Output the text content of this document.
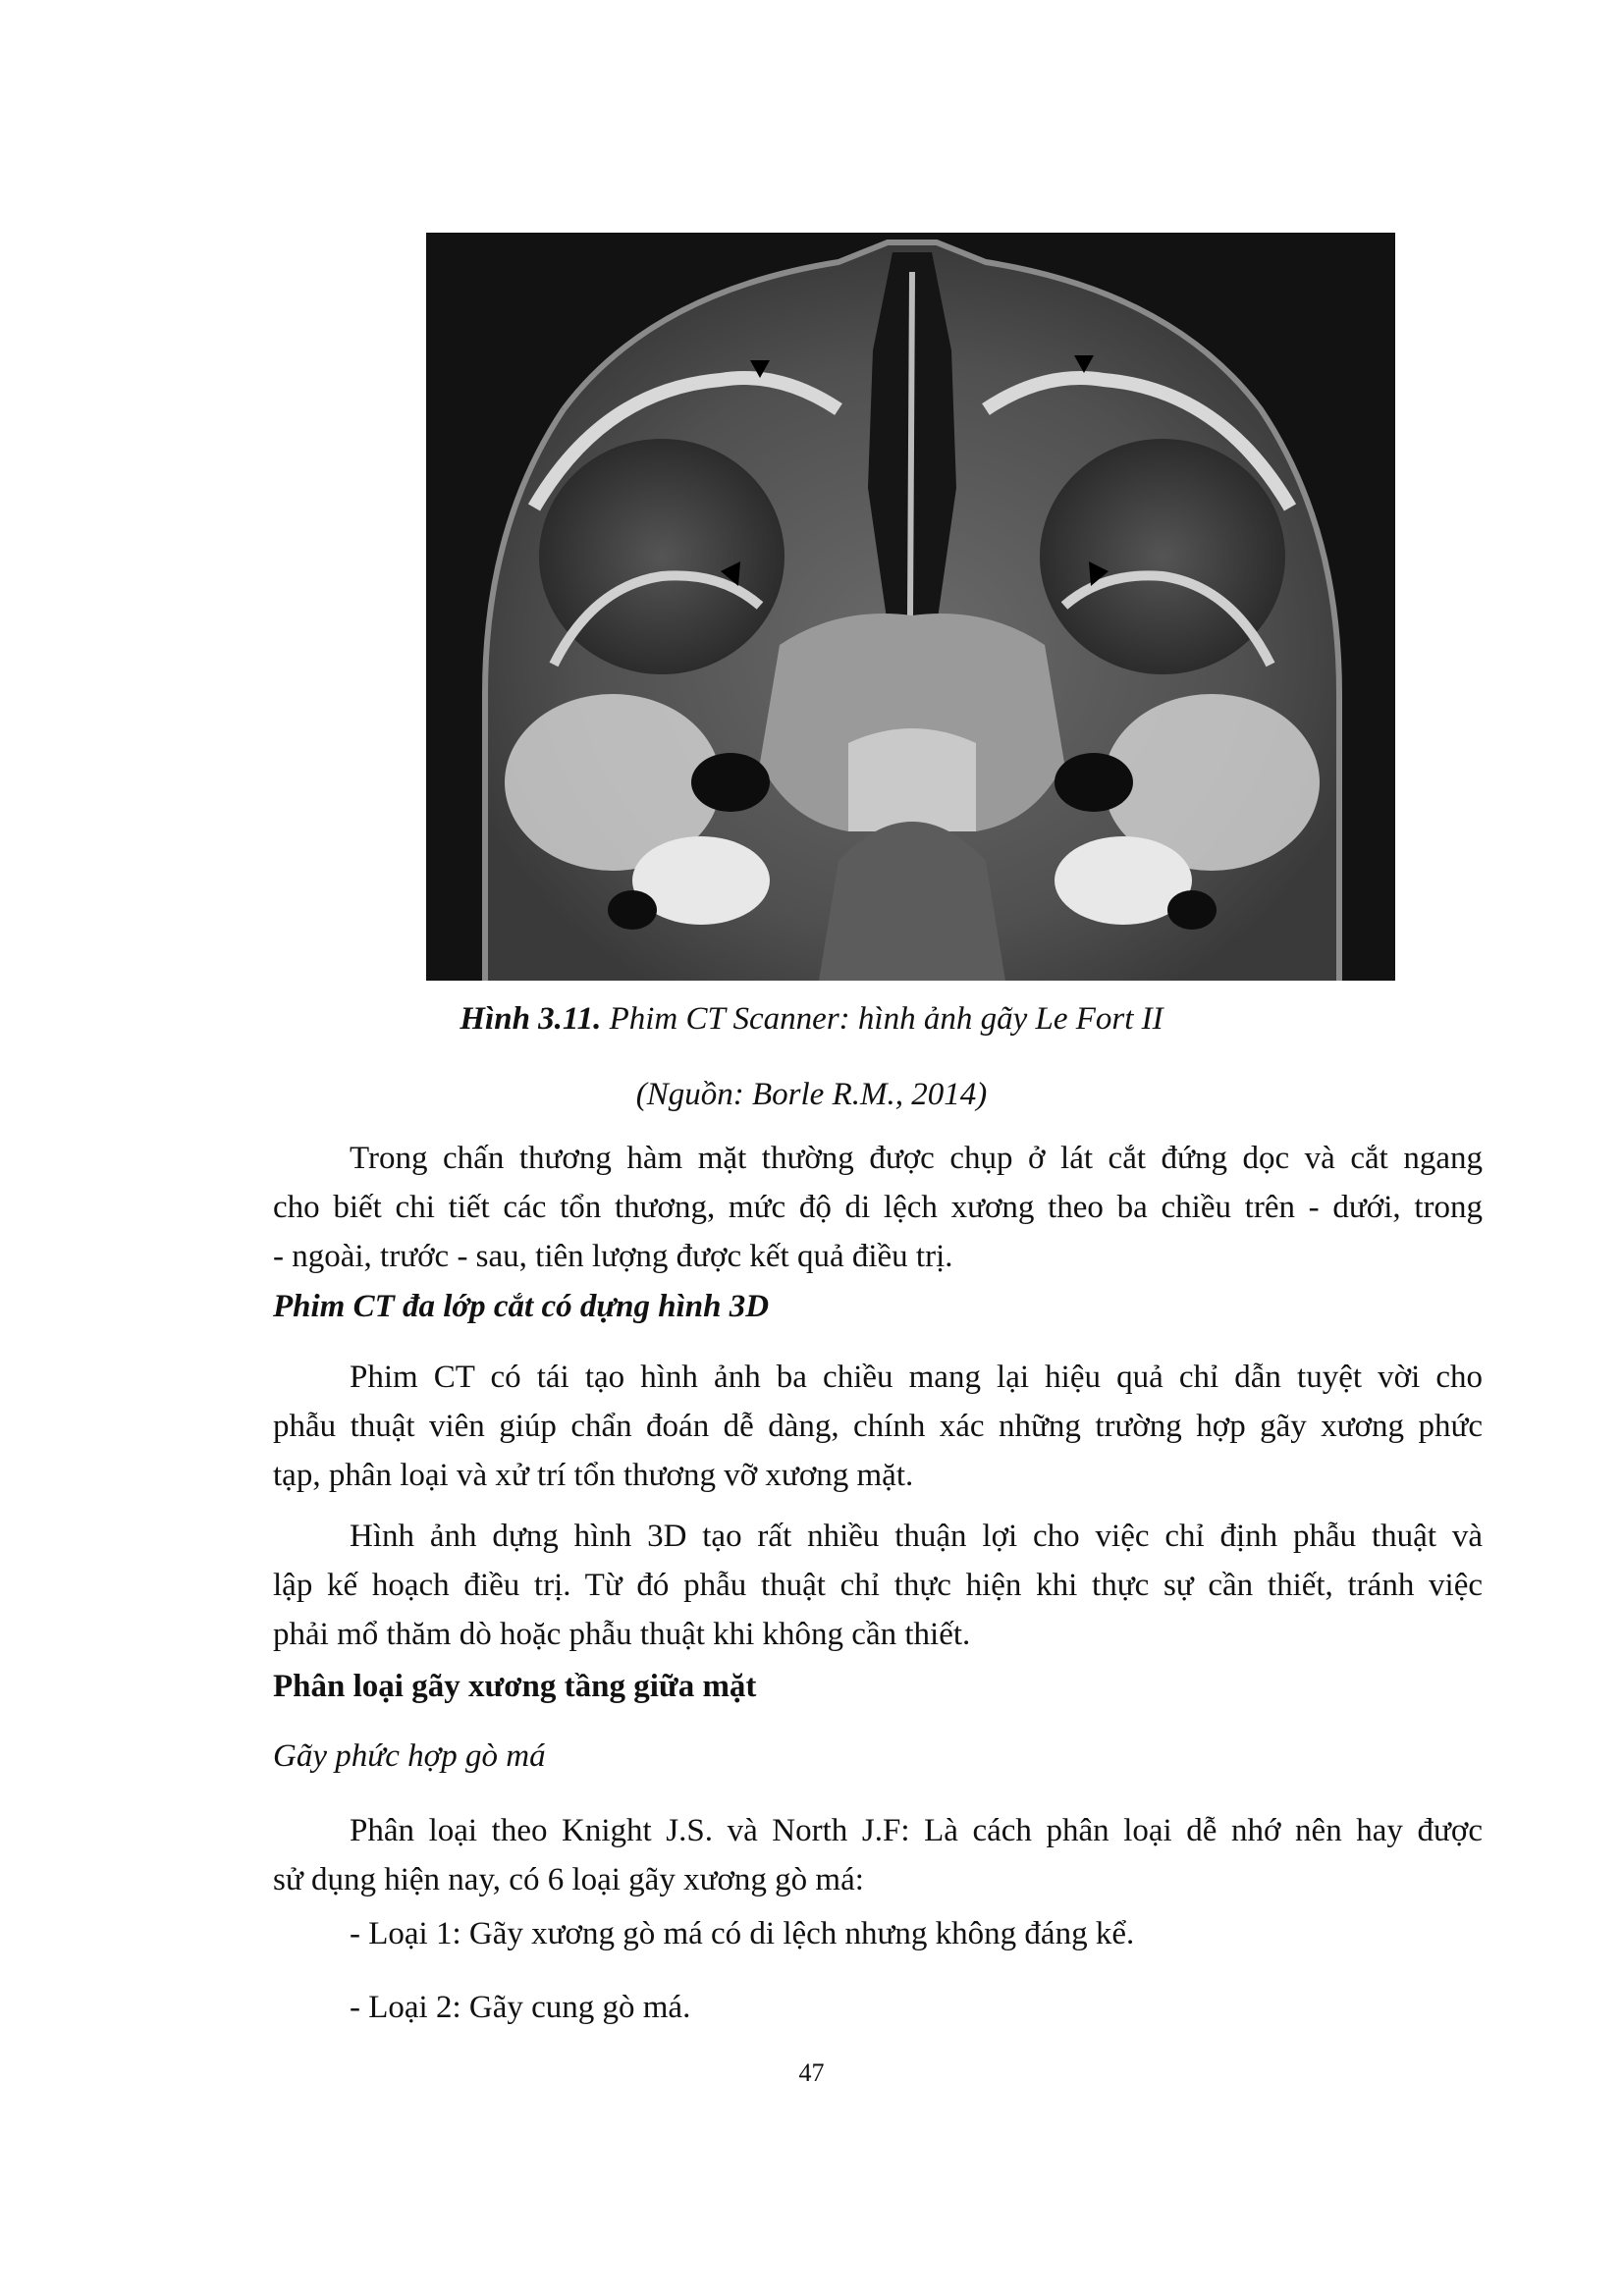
Hình 3.11. Phim CT Scanner: hình ảnh gãy Le Fort II
(Nguồn: Borle R.M., 2014)
Trong chấn thương hàm mặt thường được chụp ở lát cắt đứng dọc và cắt ngang
cho biết chi tiết các tổn thương, mức độ di lệch xương theo ba chiều trên - dưới, trong
- ngoài, trước - sau, tiên lượng được kết quả điều trị.
Phim CT đa lớp cắt có dựng hình 3D
Phim CT có tái tạo hình ảnh ba chiều mang lại hiệu quả chỉ dẫn tuyệt vời cho
phẫu thuật viên giúp chẩn đoán dễ dàng, chính xác những trường hợp gãy xương phức
tạp, phân loại và xử trí tổn thương vỡ xương mặt.
Hình ảnh dựng hình 3D tạo rất nhiều thuận lợi cho việc chỉ định phẫu thuật và
lập kế hoạch điều trị. Từ đó phẫu thuật chỉ thực hiện khi thực sự cần thiết, tránh việc
phải mổ thăm dò hoặc phẫu thuật khi không cần thiết.
Phân loại gãy xương tầng giữa mặt
Gãy phức hợp gò má
Phân loại theo Knight J.S. và North J.F: Là cách phân loại dễ nhớ nên hay được
sử dụng hiện nay, có 6 loại gãy xương gò má:
- Loại 1: Gãy xương gò má có di lệch nhưng không đáng kể.
- Loại 2: Gãy cung gò má.
47
